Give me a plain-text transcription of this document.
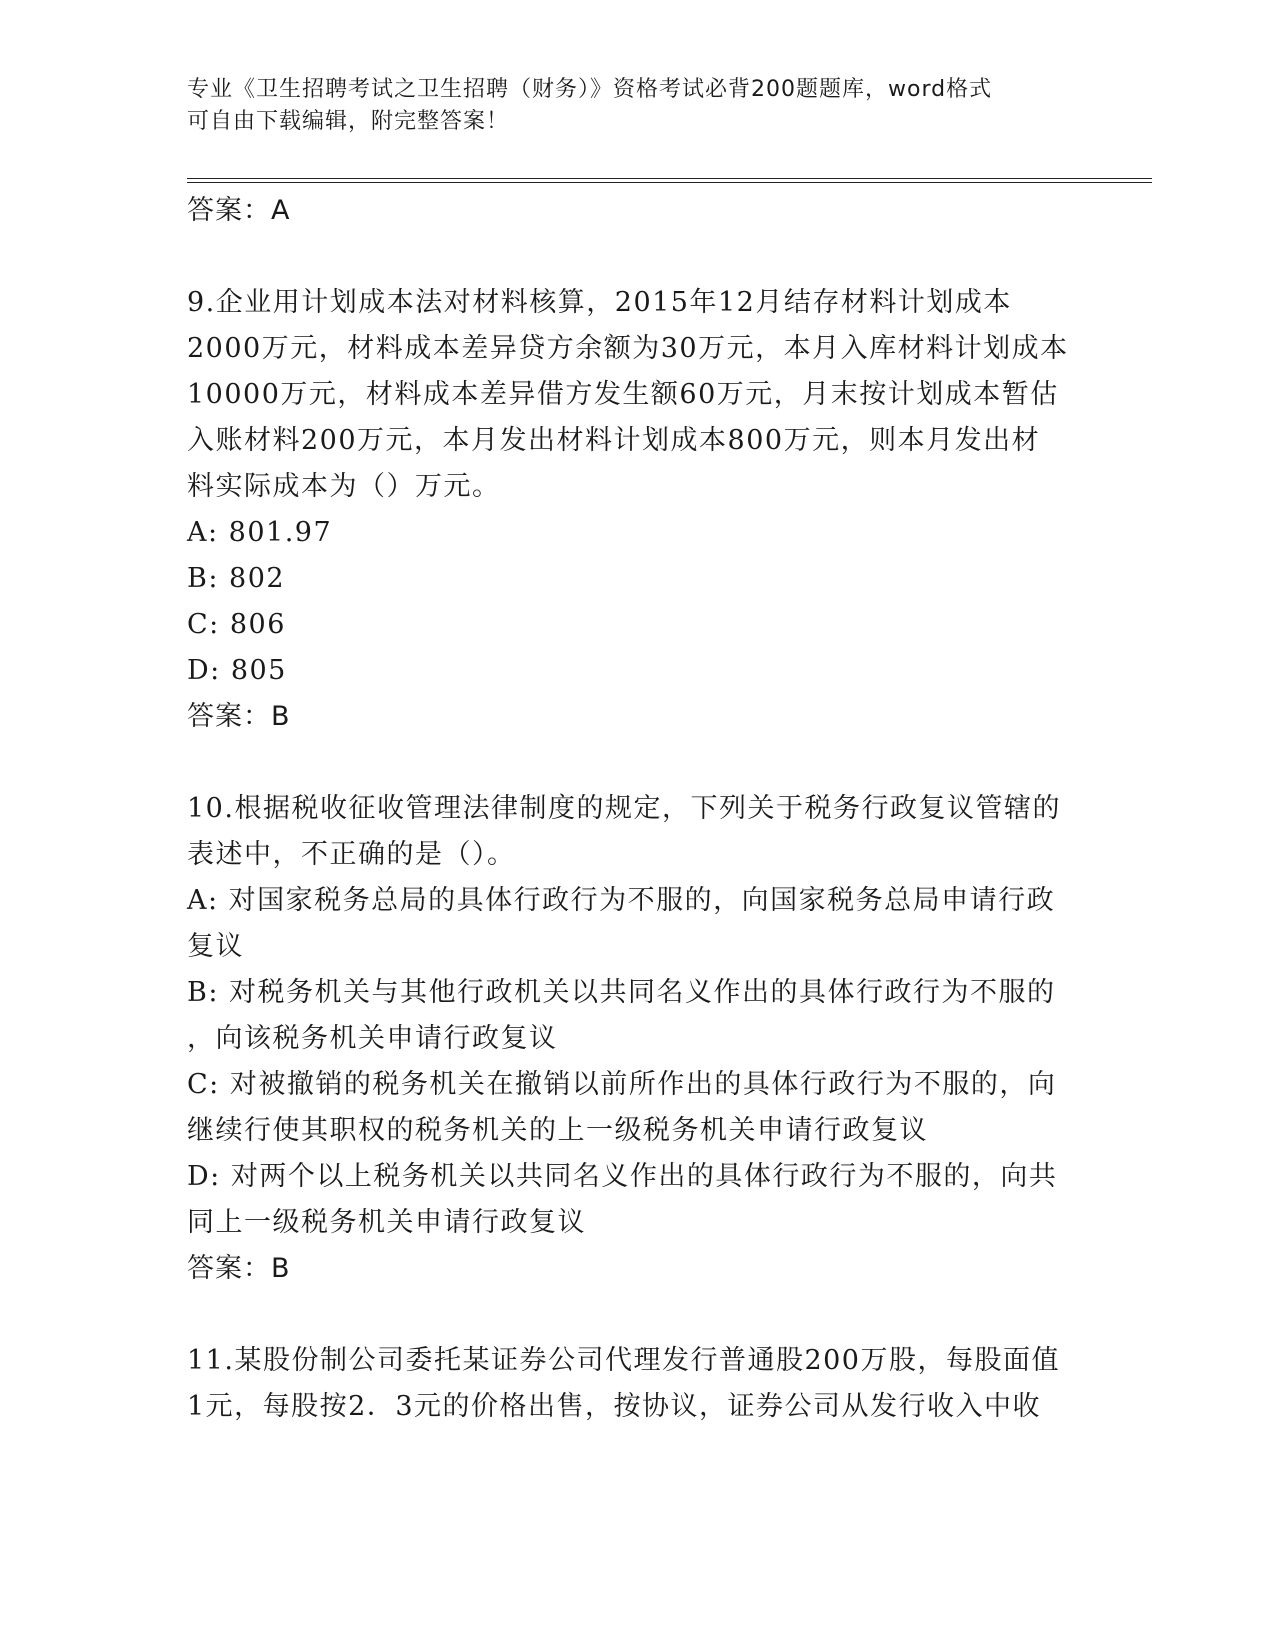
专业《卫生招聘考试之卫生招聘（财务）》资格考试必背200题题库，word格式
可自由下载编辑，附完整答案！
答案：A
9.企业用计划成本法对材料核算，2015年12月结存材料计划成本
2000万元，材料成本差异贷方余额为30万元，本月入库材料计划成本
10000万元，材料成本差异借方发生额60万元，月末按计划成本暂估
入账材料200万元，本月发出材料计划成本800万元，则本月发出材
料实际成本为（）万元。
A: 801.97
B: 802
C: 806
D: 805
答案：B
10.根据税收征收管理法律制度的规定，下列关于税务行政复议管辖的
表述中，不正确的是（）。
A: 对国家税务总局的具体行政行为不服的，向国家税务总局申请行政
复议
B: 对税务机关与其他行政机关以共同名义作出的具体行政行为不服的
，向该税务机关申请行政复议
C: 对被撤销的税务机关在撤销以前所作出的具体行政行为不服的，向
继续行使其职权的税务机关的上一级税务机关申请行政复议
D: 对两个以上税务机关以共同名义作出的具体行政行为不服的，向共
同上一级税务机关申请行政复议
答案：B
11.某股份制公司委托某证券公司代理发行普通股200万股，每股面值
1元，每股按2．3元的价格出售，按协议，证券公司从发行收入中收
